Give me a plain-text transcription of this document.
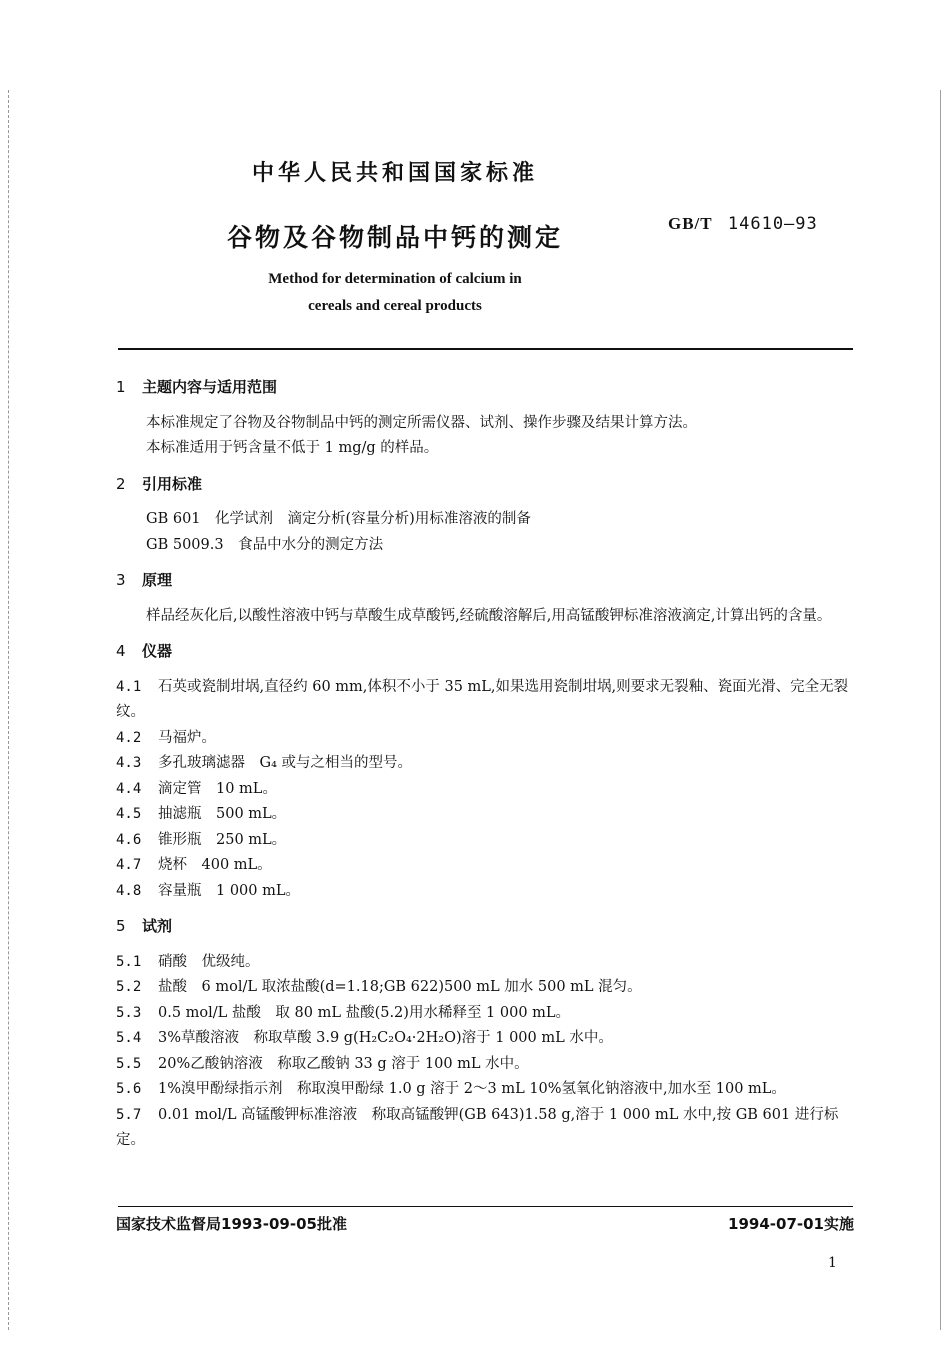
中华人民共和国国家标准
谷物及谷物制品中钙的测定	GB/T 14610—93
Method for determination of calcium in
cereals and cereal products
1 主题内容与适用范围

本标准规定了谷物及谷物制品中钙的测定所需仪器、试剂、操作步骤及结果计算方法。

本标准适用于钙含量不低于 1 mg/g 的样品。

2 引用标准

GB 601　化学试剂　滴定分析(容量分析)用标准溶液的制备

GB 5009.3　食品中水分的测定方法

3 原理

样品经灰化后,以酸性溶液中钙与草酸生成草酸钙,经硫酸溶解后,用高锰酸钾标准溶液滴定,计算出钙的含量。

4 仪器

4.1 石英或瓷制坩埚,直径约 60 mm,体积不小于 35 mL,如果选用瓷制坩埚,则要求无裂釉、瓷面光滑、完全无裂纹。

4.2 马福炉。

4.3 多孔玻璃滤器　G₄ 或与之相当的型号。

4.4 滴定管　10 mL。

4.5 抽滤瓶　500 mL。

4.6 锥形瓶　250 mL。

4.7 烧杯　400 mL。

4.8 容量瓶　1 000 mL。

5 试剂

5.1 硝酸　优级纯。

5.2 盐酸　6 mol/L 取浓盐酸(d=1.18;GB 622)500 mL 加水 500 mL 混匀。

5.3 0.5 mol/L 盐酸　取 80 mL 盐酸(5.2)用水稀释至 1 000 mL。

5.4 3%草酸溶液　称取草酸 3.9 g(H₂C₂O₄·2H₂O)溶于 1 000 mL 水中。

5.5 20%乙酸钠溶液　称取乙酸钠 33 g 溶于 100 mL 水中。

5.6 1%溴甲酚绿指示剂　称取溴甲酚绿 1.0 g 溶于 2～3 mL 10%氢氧化钠溶液中,加水至 100 mL。

5.7 0.01 mol/L 高锰酸钾标准溶液　称取高锰酸钾(GB 643)1.58 g,溶于 1 000 mL 水中,按 GB 601 进行标定。

国家技术监督局1993-09-05批准	1994-07-01实施
1
